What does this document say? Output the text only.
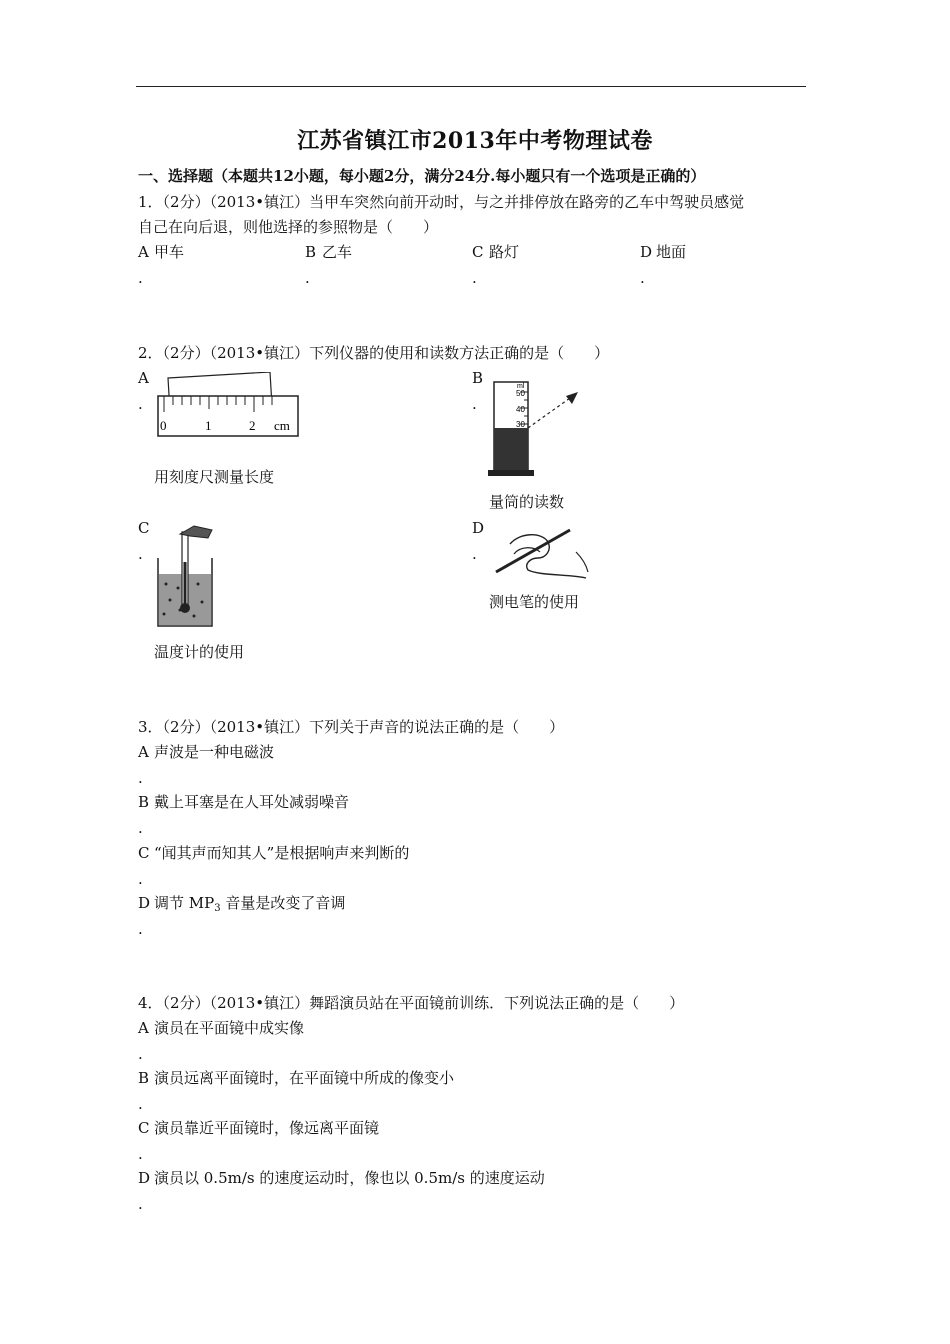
江苏省镇江市2013年中考物理试卷
一、选择题（本题共12小题，每小题2分，满分24分.每小题只有一个选项是正确的）
1．（2分）（2013•镇江）当甲车突然向前开动时，与之并排停放在路旁的乙车中驾驶员感觉
自己在向后退，则他选择的参照物是（　　）
A 甲车
.
B 乙车
.
C 路灯
.
D 地面
.
2．（2分）（2013•镇江）下列仪器的使用和读数方法正确的是（　　）
A
.
0	1	2 cm
用刻度尺测量长度
B
.
ml
50
40
30
量筒的读数
C
.
温度计的使用
D
.
测电笔的使用
3．（2分）（2013•镇江）下列关于声音的说法正确的是（　　）
A 声波是一种电磁波
.
B 戴上耳塞是在人耳处减弱噪音
.
C “闻其声而知其人”是根据响声来判断的
.
D 调节 $MP_3$ 音量是改变了音调
.
4．（2分）（2013•镇江）舞蹈演员站在平面镜前训练．下列说法正确的是（　　）
A 演员在平面镜中成实像
.
B 演员远离平面镜时，在平面镜中所成的像变小
.
C 演员靠近平面镜时，像远离平面镜
.
D 演员以 0.5m/s 的速度运动时，像也以 0.5m/s 的速度运动
.
